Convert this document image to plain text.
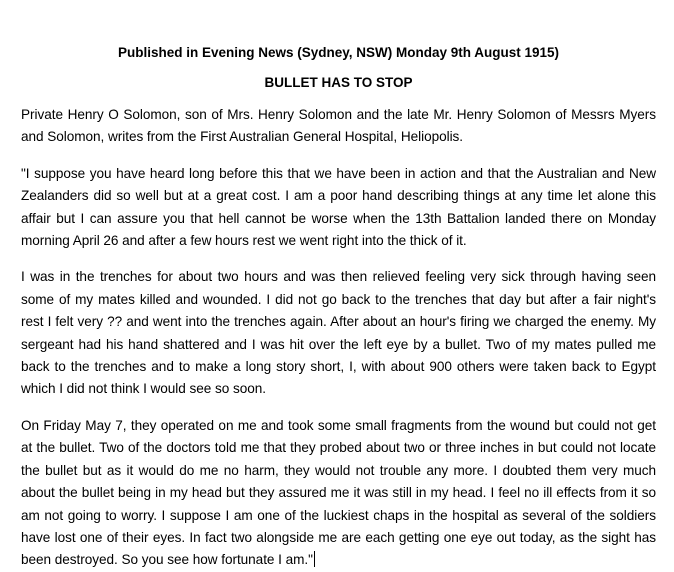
Published in Evening News (Sydney, NSW) Monday 9th August 1915)

BULLET HAS TO STOP

Private Henry O Solomon, son of Mrs. Henry Solomon and the late Mr. Henry Solomon of Messrs Myers and Solomon, writes from the First Australian General Hospital, Heliopolis.

"I suppose you have heard long before this that we have been in action and that the Australian and New Zealanders did so well but at a great cost. I am a poor hand describing things at any time let alone this affair but I can assure you that hell cannot be worse when the 13th Battalion landed there on Monday morning April 26 and after a few hours rest we went right into the thick of it.

I was in the trenches for about two hours and was then relieved feeling very sick through having seen some of my mates killed and wounded. I did not go back to the trenches that day but after a fair night's rest I felt very ?? and went into the trenches again. After about an hour's firing we charged the enemy. My sergeant had his hand shattered and I was hit over the left eye by a bullet. Two of my mates pulled me back to the trenches and to make a long story short, I, with about 900 others were taken back to Egypt which I did not think I would see so soon.

On Friday May 7, they operated on me and took some small fragments from the wound but could not get at the bullet. Two of the doctors told me that they probed about two or three inches in but could not locate the bullet but as it would do me no harm, they would not trouble any more. I doubted them very much about the bullet being in my head but they assured me it was still in my head. I feel no ill effects from it so am not going to worry. I suppose I am one of the luckiest chaps in the hospital as several of the soldiers have lost one of their eyes. In fact two alongside me are each getting one eye out today, as the sight has been destroyed. So you see how fortunate I am."
